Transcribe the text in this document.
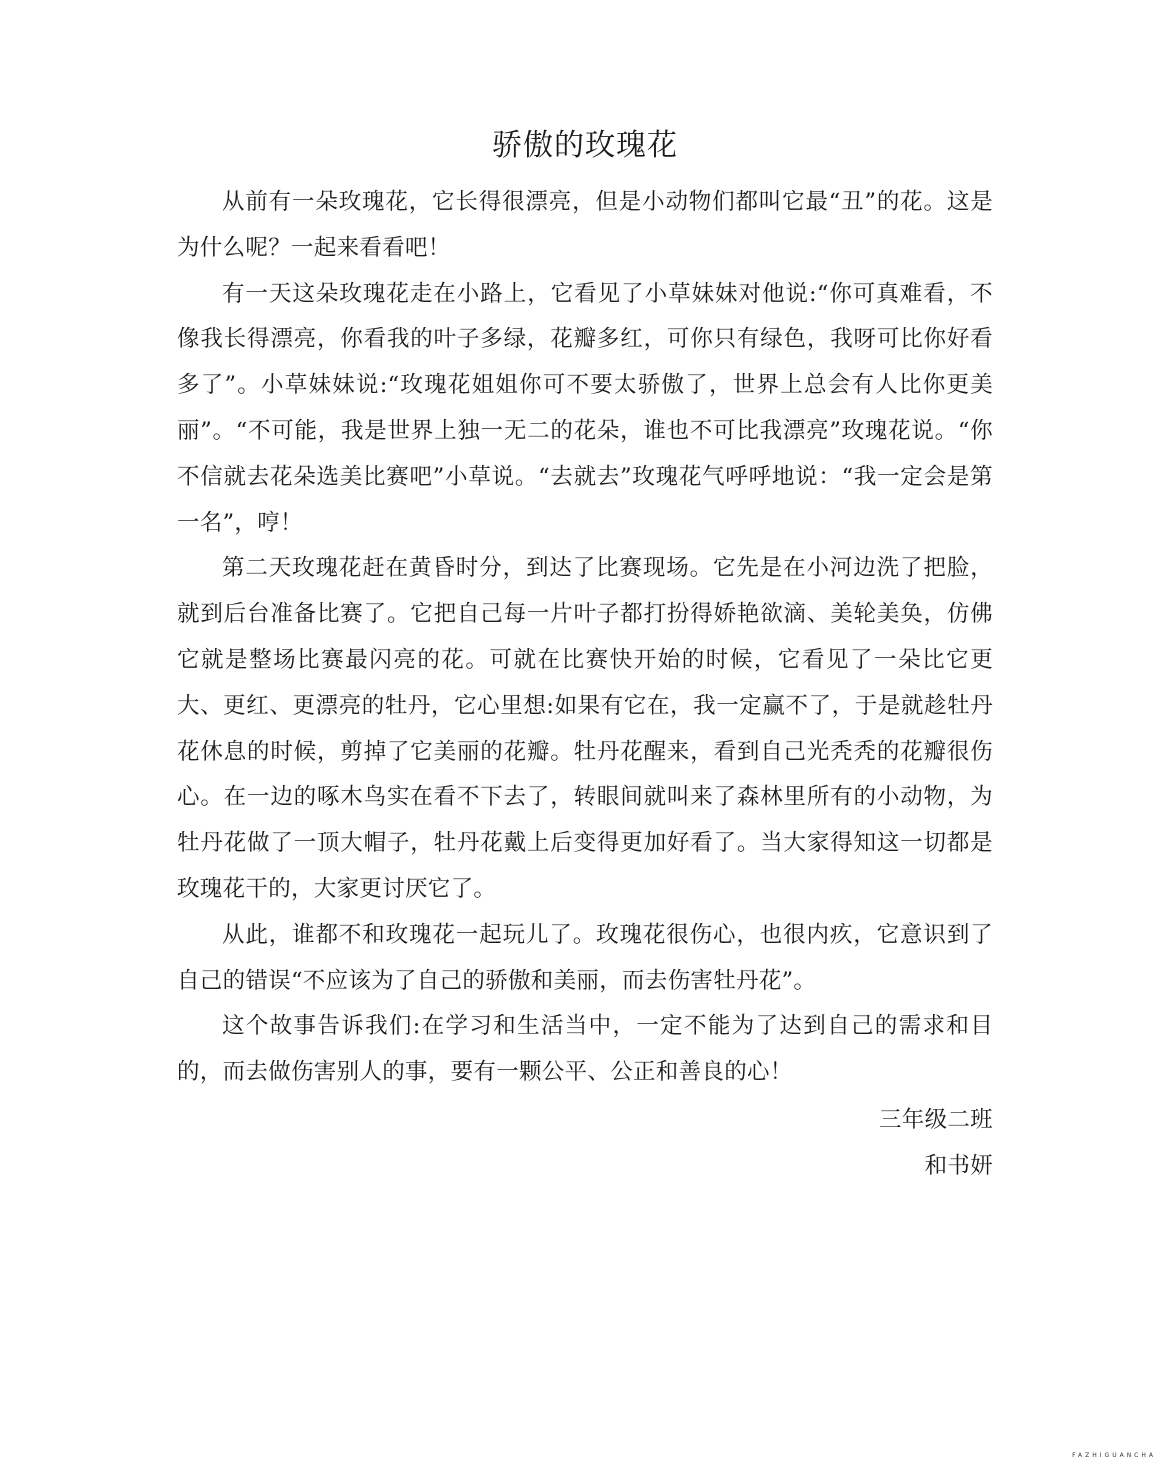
骄傲的玫瑰花

从前有一朵玫瑰花，它长得很漂亮，但是小动物们都叫它最“丑”的花。这是为什么呢？一起来看看吧！

有一天这朵玫瑰花走在小路上，它看见了小草妹妹对他说:“你可真难看，不像我长得漂亮，你看我的叶子多绿，花瓣多红，可你只有绿色，我呀可比你好看多了”。小草妹妹说:“玫瑰花姐姐你可不要太骄傲了，世界上总会有人比你更美丽”。“不可能，我是世界上独一无二的花朵，谁也不可比我漂亮”玫瑰花说。“你不信就去花朵选美比赛吧”小草说。“去就去”玫瑰花气呼呼地说：“我一定会是第一名”，哼！

第二天玫瑰花赶在黄昏时分，到达了比赛现场。它先是在小河边洗了把脸，就到后台准备比赛了。它把自己每一片叶子都打扮得娇艳欲滴、美轮美奂，仿佛它就是整场比赛最闪亮的花。可就在比赛快开始的时候，它看见了一朵比它更大、更红、更漂亮的牡丹，它心里想:如果有它在，我一定赢不了，于是就趁牡丹花休息的时候，剪掉了它美丽的花瓣。牡丹花醒来，看到自己光秃秃的花瓣很伤心。在一边的啄木鸟实在看不下去了，转眼间就叫来了森林里所有的小动物，为牡丹花做了一顶大帽子，牡丹花戴上后变得更加好看了。当大家得知这一切都是玫瑰花干的，大家更讨厌它了。

从此，谁都不和玫瑰花一起玩儿了。玫瑰花很伤心，也很内疚，它意识到了自己的错误“不应该为了自己的骄傲和美丽，而去伤害牡丹花”。

这个故事告诉我们:在学习和生活当中，一定不能为了达到自己的需求和目的，而去做伤害别人的事，要有一颗公平、公正和善良的心！

三年级二班

和书妍

FAZHIGUANCHA
